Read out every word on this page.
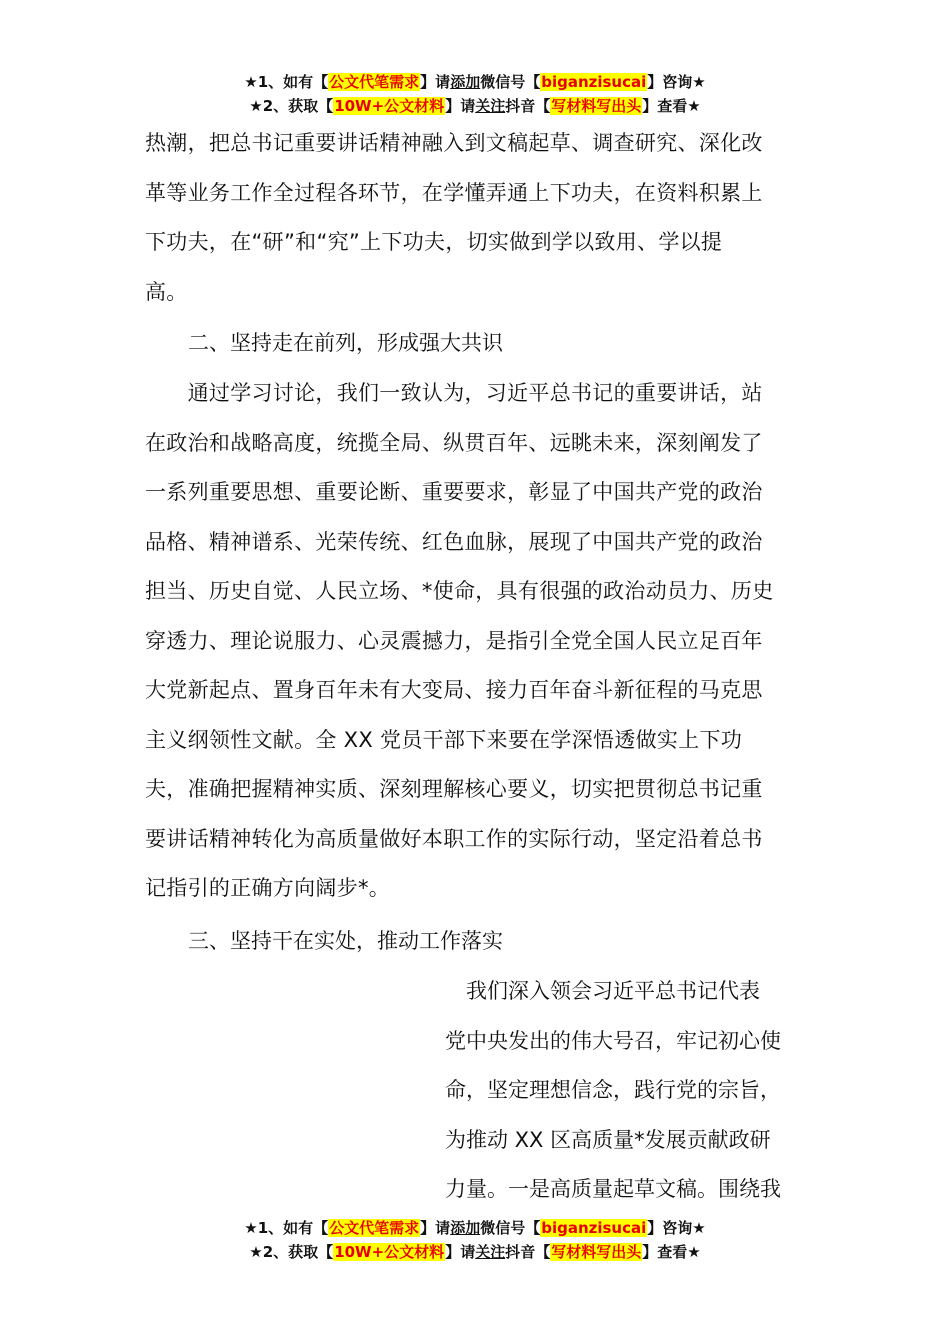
★1、如有【公文代笔需求】请添加微信号【biganzisucai】咨询★
★2、获取【10W+公文材料】请关注抖音【写材料写出头】查看★
热潮，把总书记重要讲话精神融入到文稿起草、调查研究、深化改
革等业务工作全过程各环节，在学懂弄通上下功夫，在资料积累上
下功夫，在“研”和“究”上下功夫，切实做到学以致用、学以提
高。
二、坚持走在前列，形成强大共识
　　通过学习讨论，我们一致认为，习近平总书记的重要讲话，站
在政治和战略高度，统揽全局、纵贯百年、远眺未来，深刻阐发了
一系列重要思想、重要论断、重要要求，彰显了中国共产党的政治
品格、精神谱系、光荣传统、红色血脉，展现了中国共产党的政治
担当、历史自觉、人民立场、*使命，具有很强的政治动员力、历史
穿透力、理论说服力、心灵震撼力，是指引全党全国人民立足百年
大党新起点、置身百年未有大变局、接力百年奋斗新征程的马克思
主义纲领性文献。全 XX 党员干部下来要在学深悟透做实上下功
夫，准确把握精神实质、深刻理解核心要义，切实把贯彻总书记重
要讲话精神转化为高质量做好本职工作的实际行动，坚定沿着总书
记指引的正确方向阔步*。
三、坚持干在实处，推动工作落实
　我们深入领会习近平总书记代表
党中央发出的伟大号召，牢记初心使
命，坚定理想信念，践行党的宗旨，
为推动 XX 区高质量*发展贡献政研
力量。一是高质量起草文稿。围绕我
★1、如有【公文代笔需求】请添加微信号【biganzisucai】咨询★
★2、获取【10W+公文材料】请关注抖音【写材料写出头】查看★
